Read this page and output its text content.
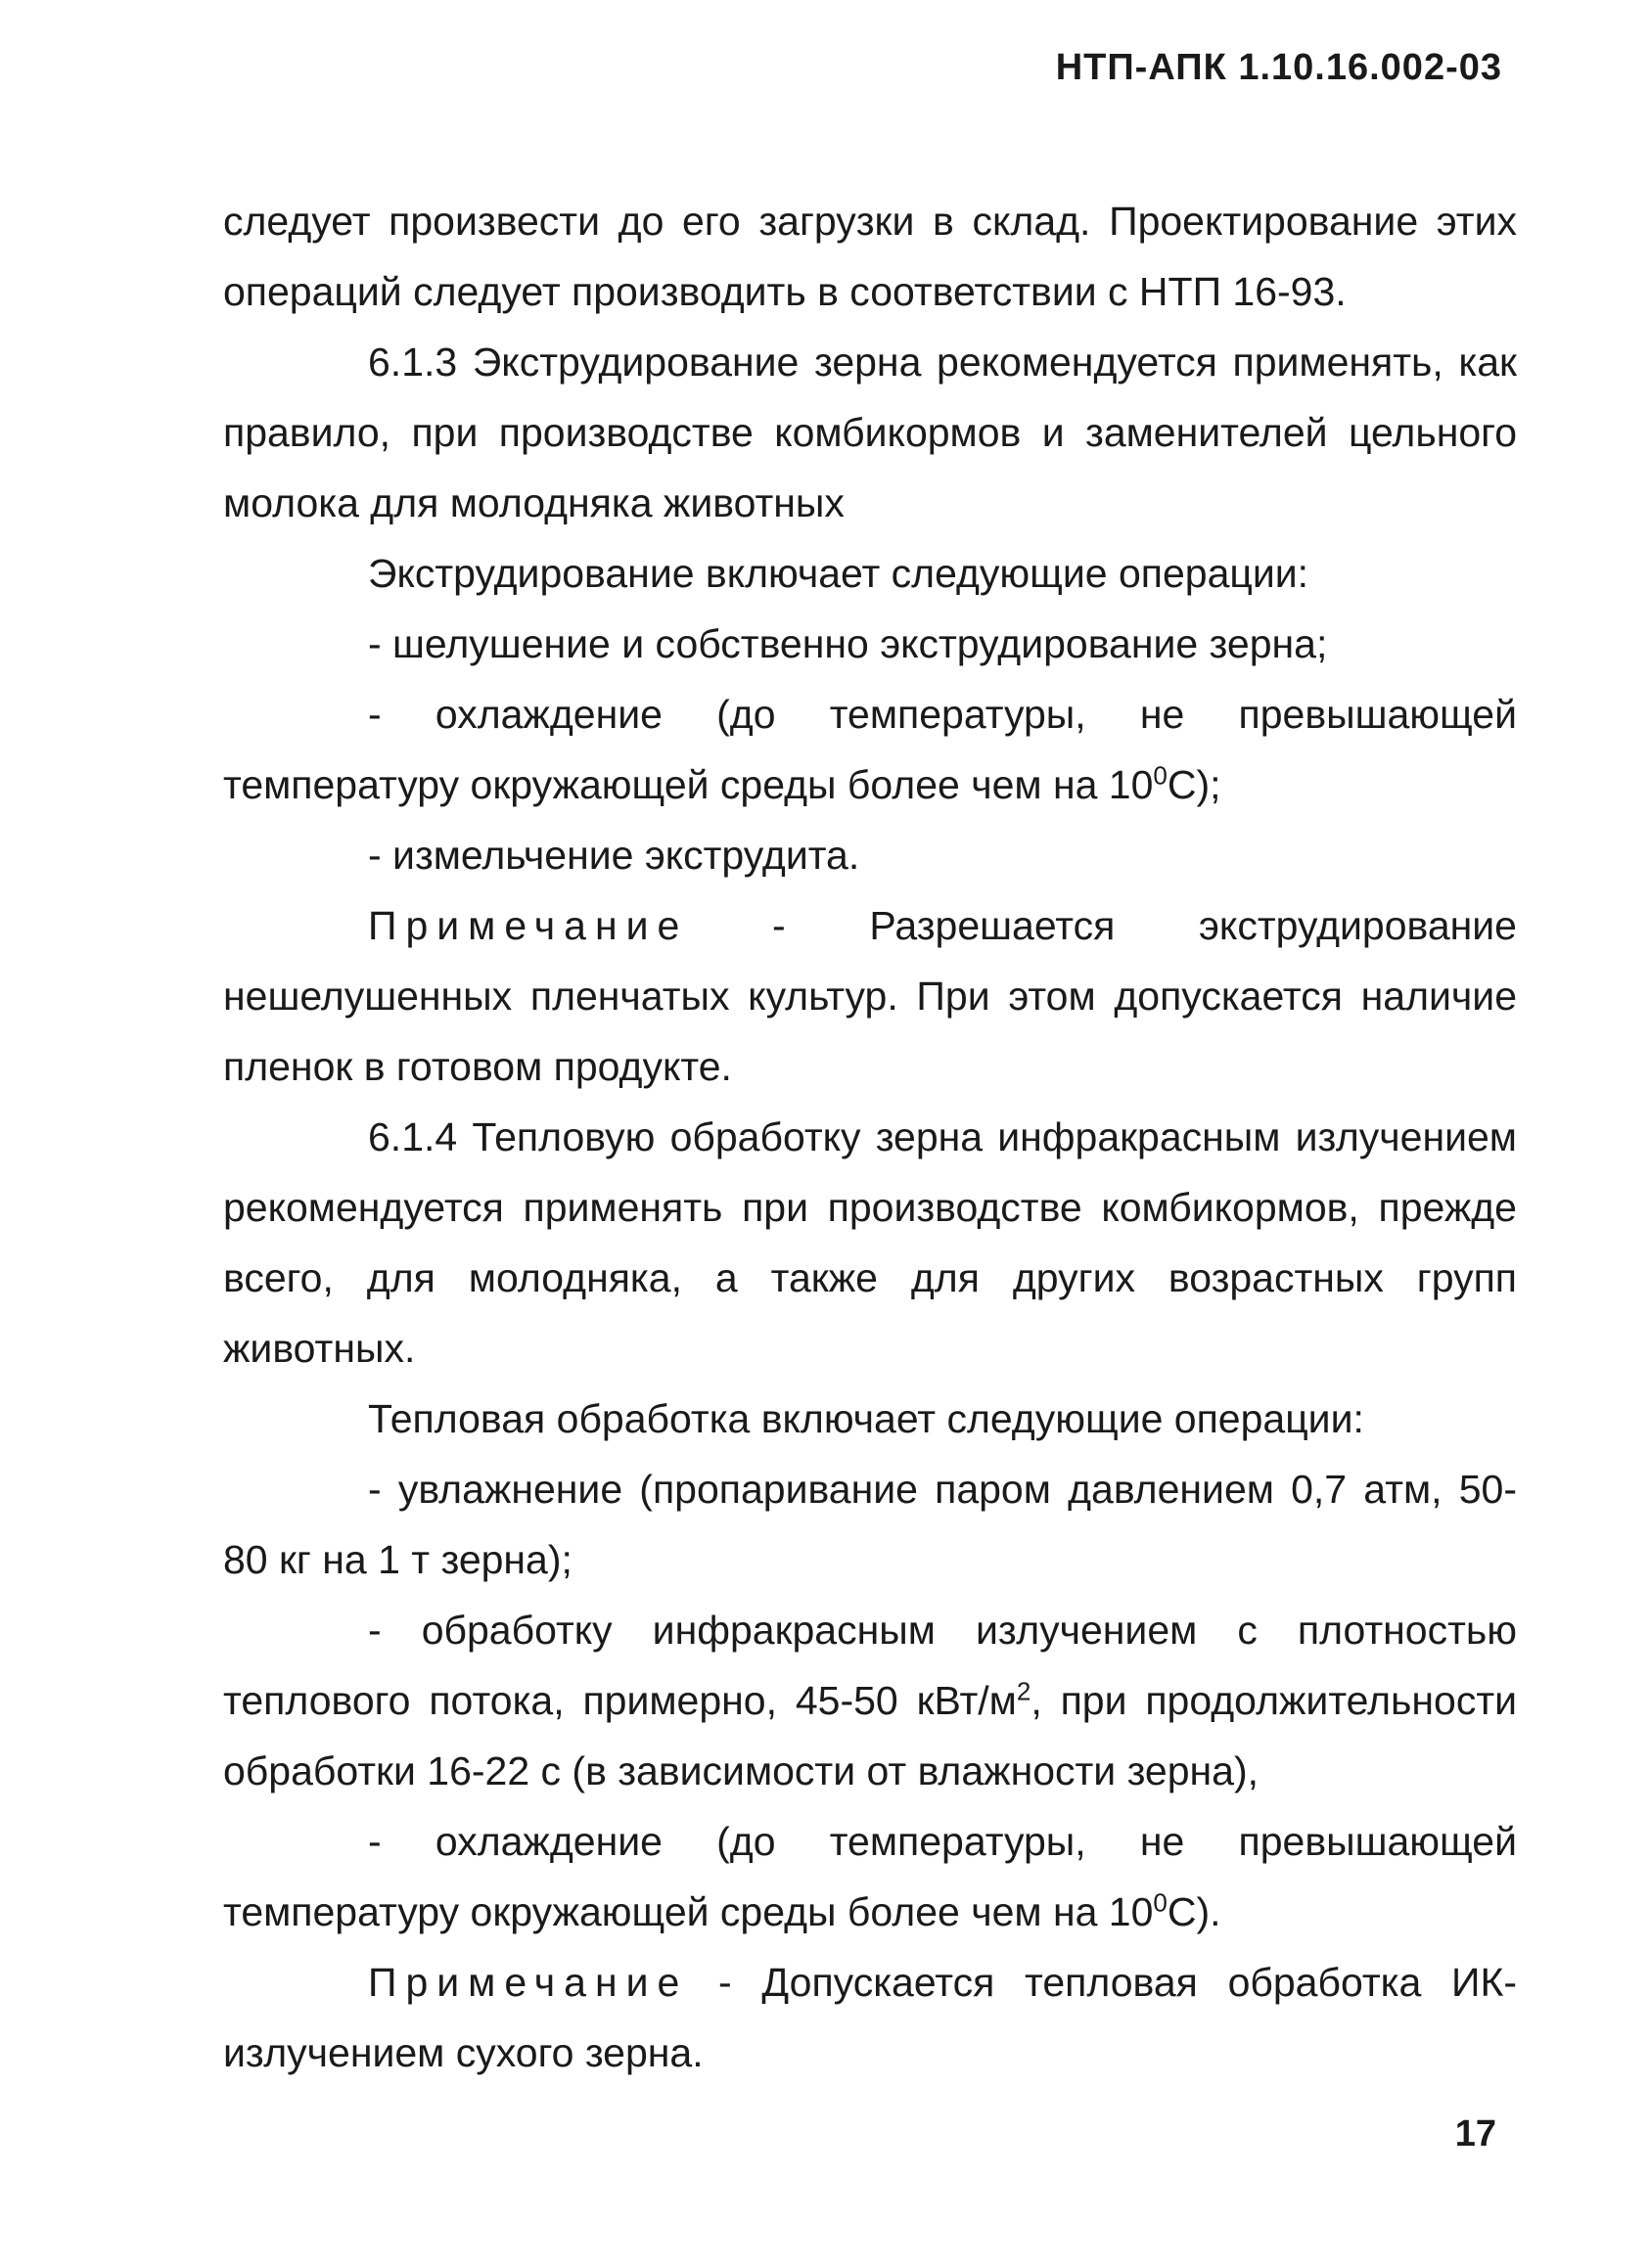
НТП-АПК 1.10.16.002-03

следует произвести до его загрузки в склад. Проектирование этих операций следует производить в соответствии с НТП 16-93.

6.1.3 Экструдирование зерна рекомендуется применять, как правило, при производстве комбикормов и заменителей цельного молока для молодняка животных

Экструдирование включает следующие операции:

- шелушение и собственно экструдирование зерна;

- охлаждение (до температуры, не превышающей температуру окружающей среды более чем на $10^0С$);

- измельчение экструдита.

Примечание - Разрешается экструдирование нешелушенных пленчатых культур. При этом допускается наличие пленок в готовом продукте.

6.1.4 Тепловую обработку зерна инфракрасным излучением рекомендуется применять при производстве комбикормов, прежде всего, для молодняка, а также для других возрастных групп животных.

Тепловая обработка включает следующие операции:

- увлажнение (пропаривание паром давлением 0,7 атм, 50-80 кг на 1 т зерна);

- обработку инфракрасным излучением с плотностью теплового потока, примерно, 45-50 кВт/$м^2$, при продолжительности обработки 16-22 с (в зависимости от влажности зерна),

- охлаждение (до температуры, не превышающей температуру окружающей среды более чем на $10^0С$).

Примечание - Допускается тепловая обработка ИК-излучением сухого зерна.

17
